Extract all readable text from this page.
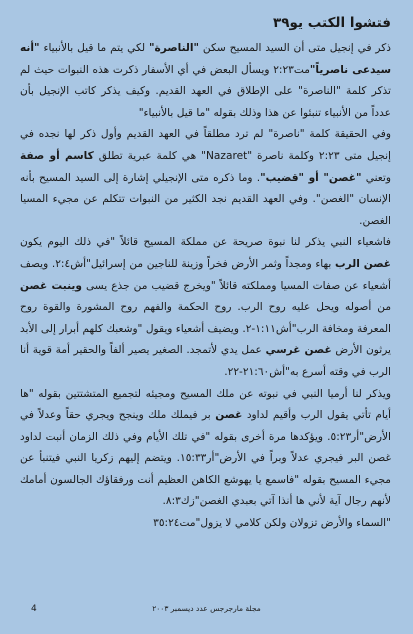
فتشوا الكتب يو٣٩

ذكر في إنجيل متى أن السيد المسيح سكن "الناصرة" لكي يتم ما قيل بالأنبياء "أنه سيدعى ناصرياً"مت٢:٢٣ ويسأل البعض في أي الأسفار ذكرت هذه النبوات حيث لم تذكر كلمة "الناصرة" على الإطلاق في العهد القديم. وكيف يذكر كاتب الإنجيل بأن عدداً من الأنبياء تنبئوا عن هذا وذلك بقوله "ما قيل بالأنبياء"

وفي الحقيقة كلمة "ناصرة" لم ترد مطلقاً في العهد القديم وأول ذكر لها نجده في إنجيل متى ٢:٢٣ وكلمة ناصرة "Nazaret" هي كلمة عبرية تطلق كاسم أو صفة وتعني "غصن" أو "قضيب". وما ذكره متى الإنجيلي إشارة إلى السيد المسيح بأنه الإنسان "الغصن". وفي العهد القديم نجد الكثير من النبوات تتكلم عن مجيء المسيا الغصن.

فاشعياء النبي يذكر لنا نبوة صريحة عن مملكة المسيح قائلاً "في ذلك اليوم يكون غصن الرب بهاء ومجداً وثمر الأرض فخراً وزينة للناجين من إسرائيل"أش٢:٤. ويصف أشعياء عن صفات المسيا ومملكته قائلاً "ويخرج قضيب من جذع يسى وينبت غصن من أصوله ويحل عليه روح الرب. روح الحكمة والفهم روح المشورة والقوة روح المعرفة ومخافة الرب"أش١:١١-٢. ويضيف أشعياء ويقول "وشعبك كلهم أبرار إلى الأبد يرثون الأرض غصن غرسي عمل يدي لأتمجد. الصغير يصير ألفاً والحقير أمة قوية أنا الرب في وقته أسرع به"أش٢١:٦٠-٢٢.

ويذكر لنا أرميا النبي في نبوته عن ملك المسيح ومجيئه لتجميع المتشتتين بقوله "ها أيام تأتي يقول الرب وأقيم لداود غصن بر فيملك ملك وينجح ويجري حقاً وعدلاً في الأرض"أر٥:٢٣. ويؤكدها مرة أخرى بقوله "في تلك الأيام وفي ذلك الزمان أنبت لداود غصن البر فيجري عدلاً وبراً في الأرض"أر١٥:٣٣. ويتضم إليهم زكريا النبي فيتنبأ عن مجيء المسيح بقوله "فاسمع يا يهوشع الكاهن العظيم أنت ورفقاؤك الجالسون أمامك لأنهم رجال آية لأني ها أنذا آتي بعبدي الغصن"زك٨:٣.

"السماء والأرض تزولان ولكن كلامي لا يزول"مت٣٥:٢٤

4	مجلة مارجرجس عدد ديسمبر ٢٠٠٣
